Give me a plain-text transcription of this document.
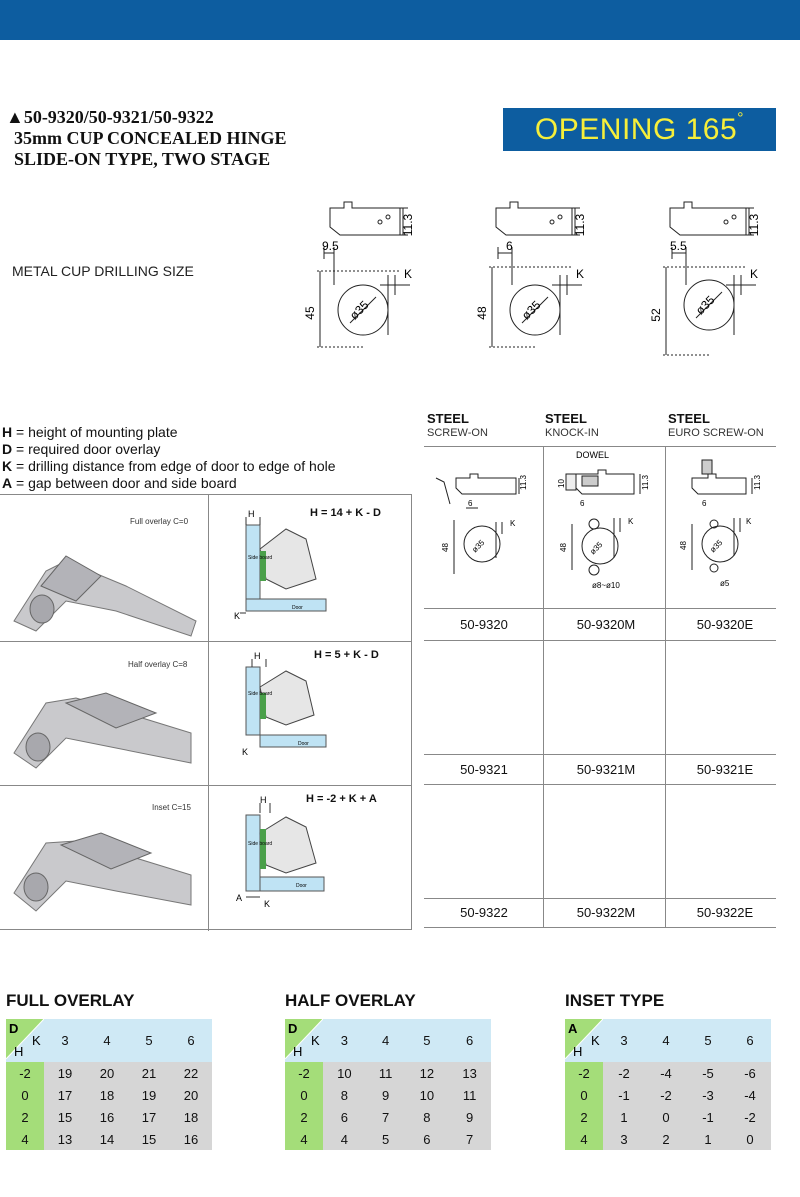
▲50-9320/50-9321/50-9322
35mm CUP CONCEALED HINGE
SLIDE-ON TYPE, TWO STAGE
OPENING 165°
METAL CUP DRILLING SIZE
11.3
9.5
45
K
ø35
11.3
6
48
K
ø35
11.3
5.5
52
K
ø35
H = height of mounting plate
D = required door overlay
K = drilling distance from edge of door to edge of hole
A = gap between door and side board
Full overlay C=0
H = 14 + K - D
H
K
Side board
Door
Half overlay C=8
H = 5 + K - D
H
K
Side board
Door
Inset C=15
H = -2 + K + A
H
A
K
Side board
Door
STEEL
SCREW-ON
STEEL
KNOCK-IN
STEEL
EURO SCREW-ON
11.3
6
48
K
ø35
DOWEL
10	11.3
6
48
K
ø35
ø8~ø10
11.3
6
48
K
ø35
ø5
50-9320	50-9320M	50-9320E
50-9321	50-9321M	50-9321E
50-9322	50-9322M	50-9322E
FULL OVERLAY	HALF OVERLAY	INSET TYPE
D
K
H	3	4	5	6
-2	19	20	21	22
0	17	18	19	20
2	15	16	17	18
4	13	14	15	16
D
K
H	3	4	5	6
-2	10	11	12	13
0	8	9	10	11
2	6	7	8	9
4	4	5	6	7
A
K
H	3	4	5	6
-2	-2	-4	-5	-6
0	-1	-2	-3	-4
2	1	0	-1	-2
4	3	2	1	0
